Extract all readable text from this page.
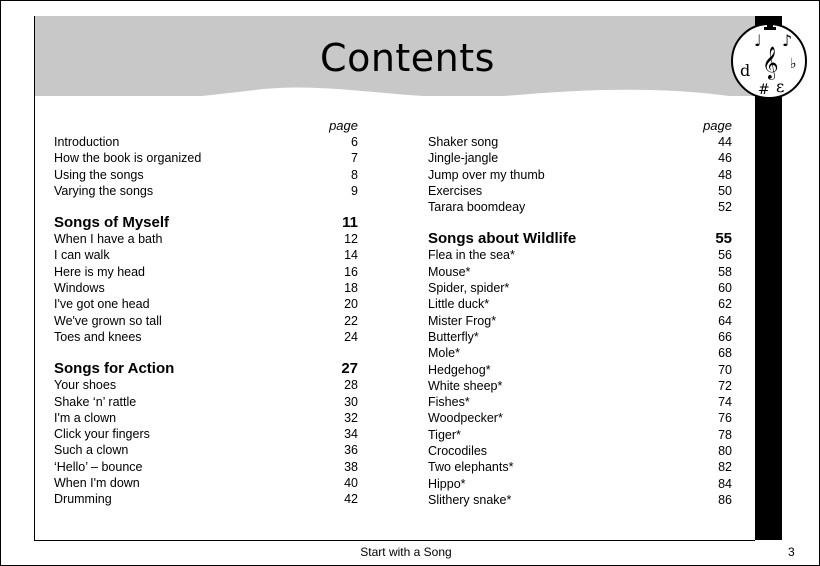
Contents	♩ ♪
𝄞
d	♭
# ε
page
Introduction	6
How the book is organized	7
Using the songs	8
Varying the songs	9
Songs of Myself	11
When I have a bath	12
I can walk	14
Here is my head	16
Windows	18
I've got one head	20
We've grown so tall	22
Toes and knees	24
Songs for Action	27
Your shoes	28
Shake ‘n’ rattle	30
I'm a clown	32
Click your fingers	34
Such a clown	36
‘Hello’ – bounce	38
When I'm down	40
Drumming	42
page
Shaker song	44
Jingle-jangle	46
Jump over my thumb	48
Exercises	50
Tarara boomdeay	52
Songs about Wildlife	55
Flea in the sea*	56
Mouse*	58
Spider, spider*	60
Little duck*	62
Mister Frog*	64
Butterfly*	66
Mole*	68
Hedgehog*	70
White sheep*	72
Fishes*	74
Woodpecker*	76
Tiger*	78
Crocodiles	80
Two elephants*	82
Hippo*	84
Slithery snake*	86
Start with a Song	3
